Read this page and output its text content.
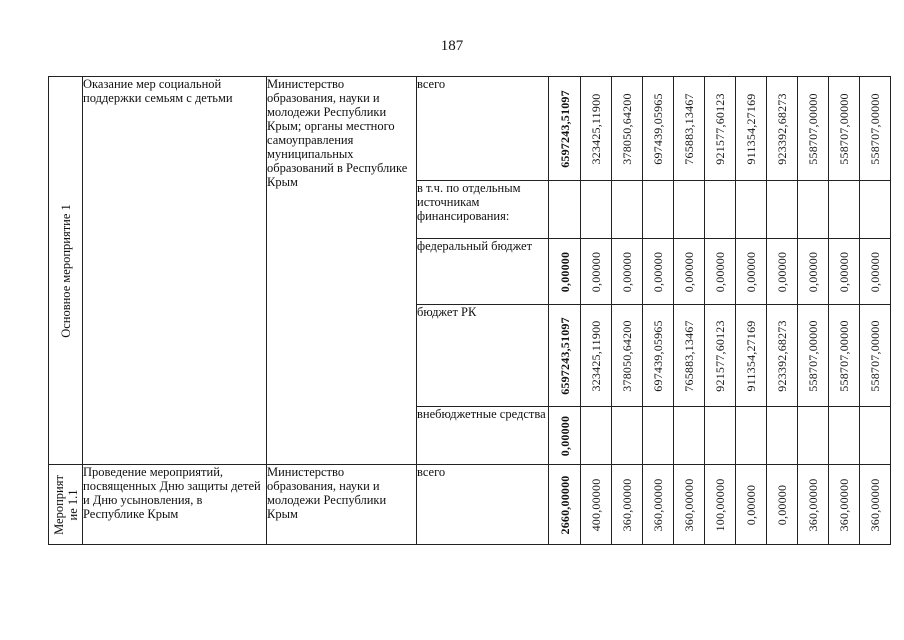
187
Основное мероприятие 1	Оказание мер социальной поддержки семьям с детьми	Министерство образования, науки и молодежи Республики Крым; органы местного самоуправления муниципальных образований в Республике Крым	всего	6597243,51097	323425,11900	378050,64200	697439,05965	765883,13467	921577,60123	911354,27169	923392,68273	558707,00000	558707,00000	558707,00000

			в т.ч. по отдельным источникам финансирования:											
			федеральный бюджет	0,00000	0,00000	0,00000	0,00000	0,00000	0,00000	0,00000	0,00000	0,00000	0,00000	0,00000

			бюджет РК	6597243,51097	323425,11900	378050,64200	697439,05965	765883,13467	921577,60123	911354,27169	923392,68273	558707,00000	558707,00000	558707,00000

			внебюджетные средства	0,00000										

Мероприят ие 1.1	Проведение мероприятий, посвященных Дню защиты детей и Дню усыновления, в Республике Крым	Министерство образования, науки и молодежи Республики Крым	всего	2660,00000	400,00000	360,00000	360,00000	360,00000	100,00000	0,00000	0,00000	360,00000	360,00000	360,00000
